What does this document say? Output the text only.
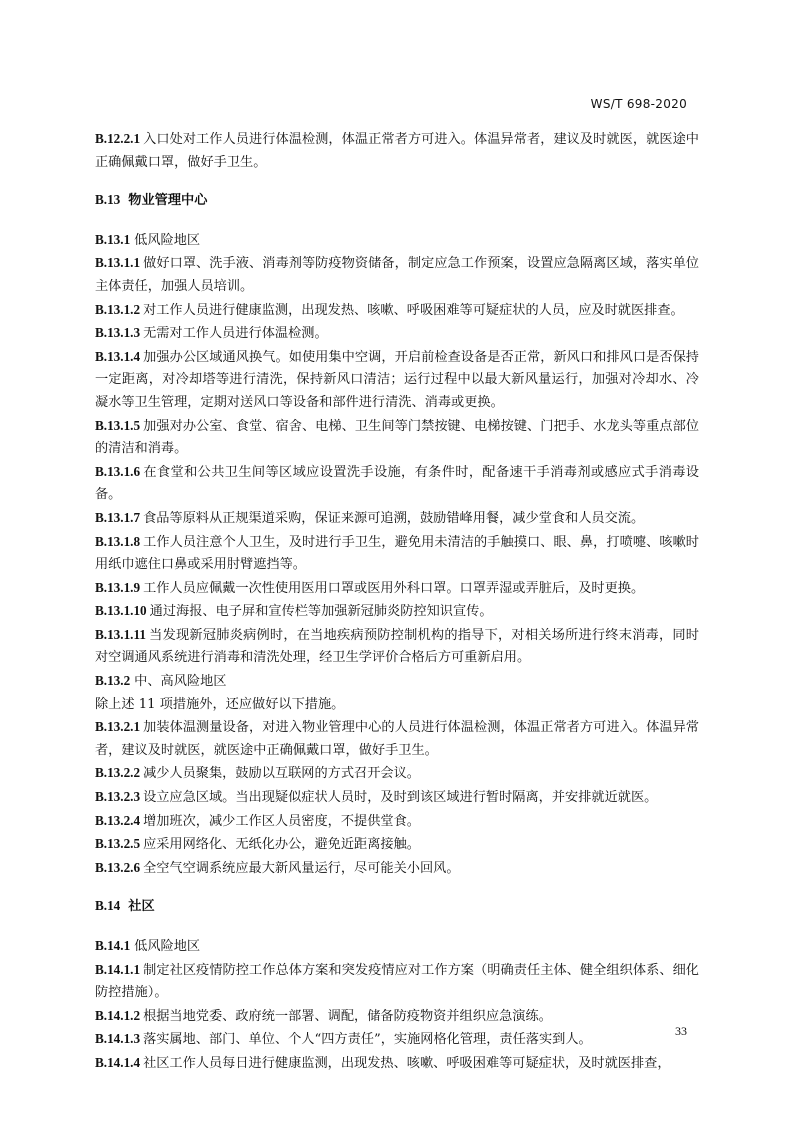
WS/T 698-2020

B.12.2.1 入口处对工作人员进行体温检测，体温正常者方可进入。体温异常者，建议及时就医，就医途中正确佩戴口罩，做好手卫生。

B.13 物业管理中心

B.13.1 低风险地区

B.13.1.1 做好口罩、洗手液、消毒剂等防疫物资储备，制定应急工作预案，设置应急隔离区域，落实单位主体责任，加强人员培训。

B.13.1.2 对工作人员进行健康监测，出现发热、咳嗽、呼吸困难等可疑症状的人员，应及时就医排查。

B.13.1.3 无需对工作人员进行体温检测。

B.13.1.4 加强办公区域通风换气。如使用集中空调，开启前检查设备是否正常，新风口和排风口是否保持一定距离，对冷却塔等进行清洗，保持新风口清洁；运行过程中以最大新风量运行，加强对冷却水、冷凝水等卫生管理，定期对送风口等设备和部件进行清洗、消毒或更换。

B.13.1.5 加强对办公室、食堂、宿舍、电梯、卫生间等门禁按键、电梯按键、门把手、水龙头等重点部位的清洁和消毒。

B.13.1.6 在食堂和公共卫生间等区域应设置洗手设施，有条件时，配备速干手消毒剂或感应式手消毒设备。

B.13.1.7 食品等原料从正规渠道采购，保证来源可追溯，鼓励错峰用餐，减少堂食和人员交流。

B.13.1.8 工作人员注意个人卫生，及时进行手卫生，避免用未清洁的手触摸口、眼、鼻，打喷嚏、咳嗽时用纸巾遮住口鼻或采用肘臂遮挡等。

B.13.1.9 工作人员应佩戴一次性使用医用口罩或医用外科口罩。口罩弄湿或弄脏后，及时更换。

B.13.1.10 通过海报、电子屏和宣传栏等加强新冠肺炎防控知识宣传。

B.13.1.11 当发现新冠肺炎病例时，在当地疾病预防控制机构的指导下，对相关场所进行终末消毒，同时对空调通风系统进行消毒和清洗处理，经卫生学评价合格后方可重新启用。

B.13.2 中、高风险地区

除上述 11 项措施外，还应做好以下措施。

B.13.2.1 加装体温测量设备，对进入物业管理中心的人员进行体温检测，体温正常者方可进入。体温异常者，建议及时就医，就医途中正确佩戴口罩，做好手卫生。

B.13.2.2 减少人员聚集，鼓励以互联网的方式召开会议。

B.13.2.3 设立应急区域。当出现疑似症状人员时，及时到该区域进行暂时隔离，并安排就近就医。

B.13.2.4 增加班次，减少工作区人员密度，不提供堂食。

B.13.2.5 应采用网络化、无纸化办公，避免近距离接触。

B.13.2.6 全空气空调系统应最大新风量运行，尽可能关小回风。

B.14 社区

B.14.1 低风险地区

B.14.1.1 制定社区疫情防控工作总体方案和突发疫情应对工作方案（明确责任主体、健全组织体系、细化防控措施）。

B.14.1.2 根据当地党委、政府统一部署、调配，储备防疫物资并组织应急演练。

B.14.1.3 落实属地、部门、单位、个人“四方责任”，实施网格化管理，责任落实到人。

B.14.1.4 社区工作人员每日进行健康监测，出现发热、咳嗽、呼吸困难等可疑症状，及时就医排查，

33
